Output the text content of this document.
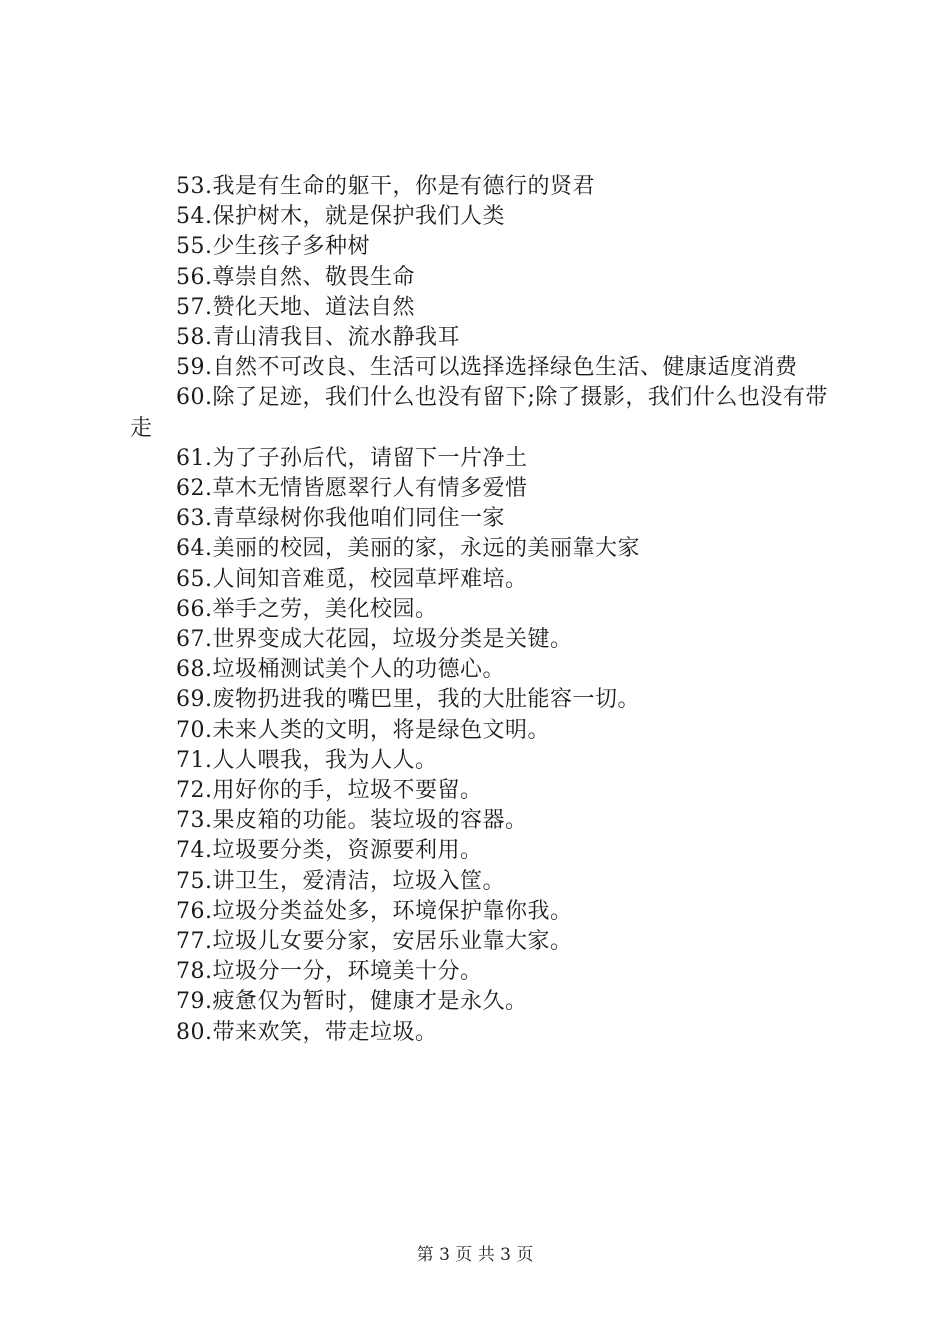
53.我是有生命的躯干，你是有德行的贤君
54.保护树木，就是保护我们人类
55.少生孩子多种树
56.尊崇自然、敬畏生命
57.赞化天地、道法自然
58.青山清我目、流水静我耳
59.自然不可改良、生活可以选择选择绿色生活、健康适度消费
60.除了足迹，我们什么也没有留下;除了摄影，我们什么也没有带走
61.为了子孙后代，请留下一片净土
62.草木无情皆愿翠行人有情多爱惜
63.青草绿树你我他咱们同住一家
64.美丽的校园，美丽的家，永远的美丽靠大家
65.人间知音难觅，校园草坪难培。
66.举手之劳，美化校园。
67.世界变成大花园，垃圾分类是关键。
68.垃圾桶测试美个人的功德心。
69.废物扔进我的嘴巴里，我的大肚能容一切。
70.未来人类的文明，将是绿色文明。
71.人人喂我，我为人人。
72.用好你的手，垃圾不要留。
73.果皮箱的功能。装垃圾的容器。
74.垃圾要分类，资源要利用。
75.讲卫生，爱清洁，垃圾入筐。
76.垃圾分类益处多，环境保护靠你我。
77.垃圾儿女要分家，安居乐业靠大家。
78.垃圾分一分，环境美十分。
79.疲惫仅为暂时，健康才是永久。
80.带来欢笑，带走垃圾。
第 3 页 共 3 页
